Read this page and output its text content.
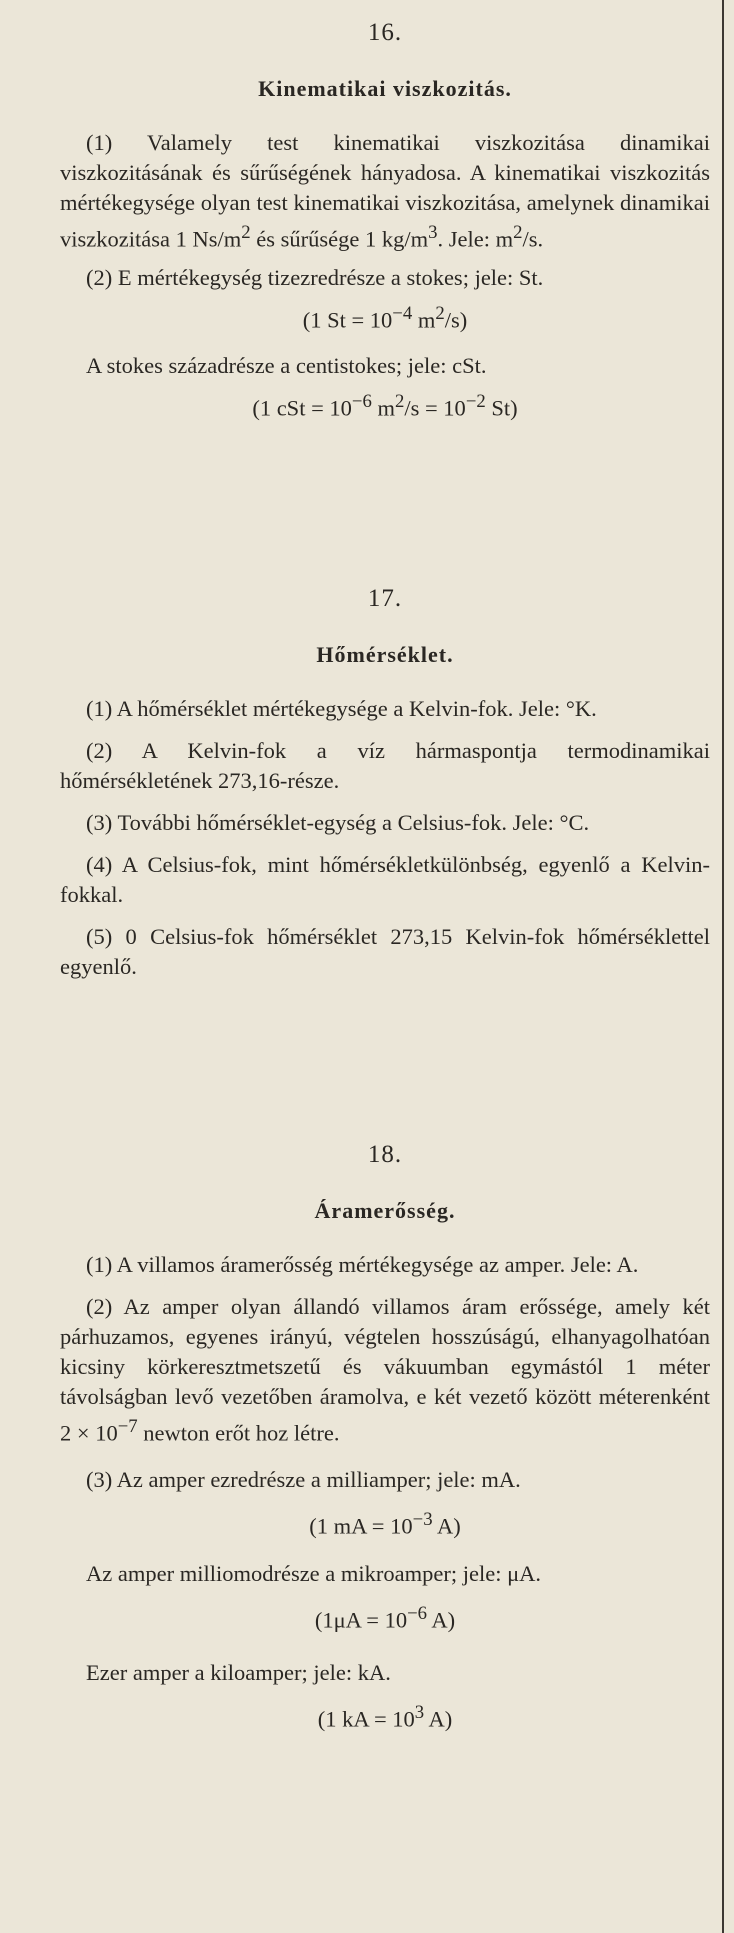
16.
Kinematikai viszkozitás.

(1) Valamely test kinematikai viszkozitása dinamikai viszkozitásának és sűrűségének hányadosa. A kinematikai viszkozitás mértékegysége olyan test kinematikai viszkozitása, amelynek dinamikai viszkozitása 1 $Ns/m^2$ és sűrűsége 1 $kg/m^3$. Jele: $m^2/s$.

(2) E mértékegység tizezredrésze a stokes; jele: St.

(1 $St = 10^{-4}$ $m^2/s$)

A stokes századrésze a centistokes; jele: cSt.

(1 cSt = $10^{-6}$ $m^2/s = 10^{-2}$ St)
17.
Hőmérséklet.

(1) A hőmérséklet mértékegysége a Kelvin-fok. Jele: °K.

(2) A Kelvin-fok a víz hármaspontja termodinamikai hőmérsékletének 273,16-része.

(3) További hőmérséklet-egység a Celsius-fok. Jele: °C.

(4) A Celsius-fok, mint hőmérsékletkülönbség, egyenlő a Kelvin-fokkal.

(5) 0 Celsius-fok hőmérséklet 273,15 Kelvin-fok hőmérséklettel egyenlő.

18.
Áramerősség.

(1) A villamos áramerősség mértékegysége az amper. Jele: A.

(2) Az amper olyan állandó villamos áram erőssége, amely két párhuzamos, egyenes irányú, végtelen hosszúságú, elhanyagolhatóan kicsiny körkeresztmetszetű és vákuumban egymástól 1 méter távolságban levő vezetőben áramolva, e két vezető között méterenként $2 \times 10^{-7}$ newton erőt hoz létre.

(3) Az amper ezredrésze a milliamper; jele: mA.

(1 mA = $10^{-3}$ A)

Az amper milliomodrésze a mikroamper; jele: μA.

($1\mu A = 10^{-6}$ A)

Ezer amper a kiloamper; jele: kA.

(1 kA = $10^3$ A)
